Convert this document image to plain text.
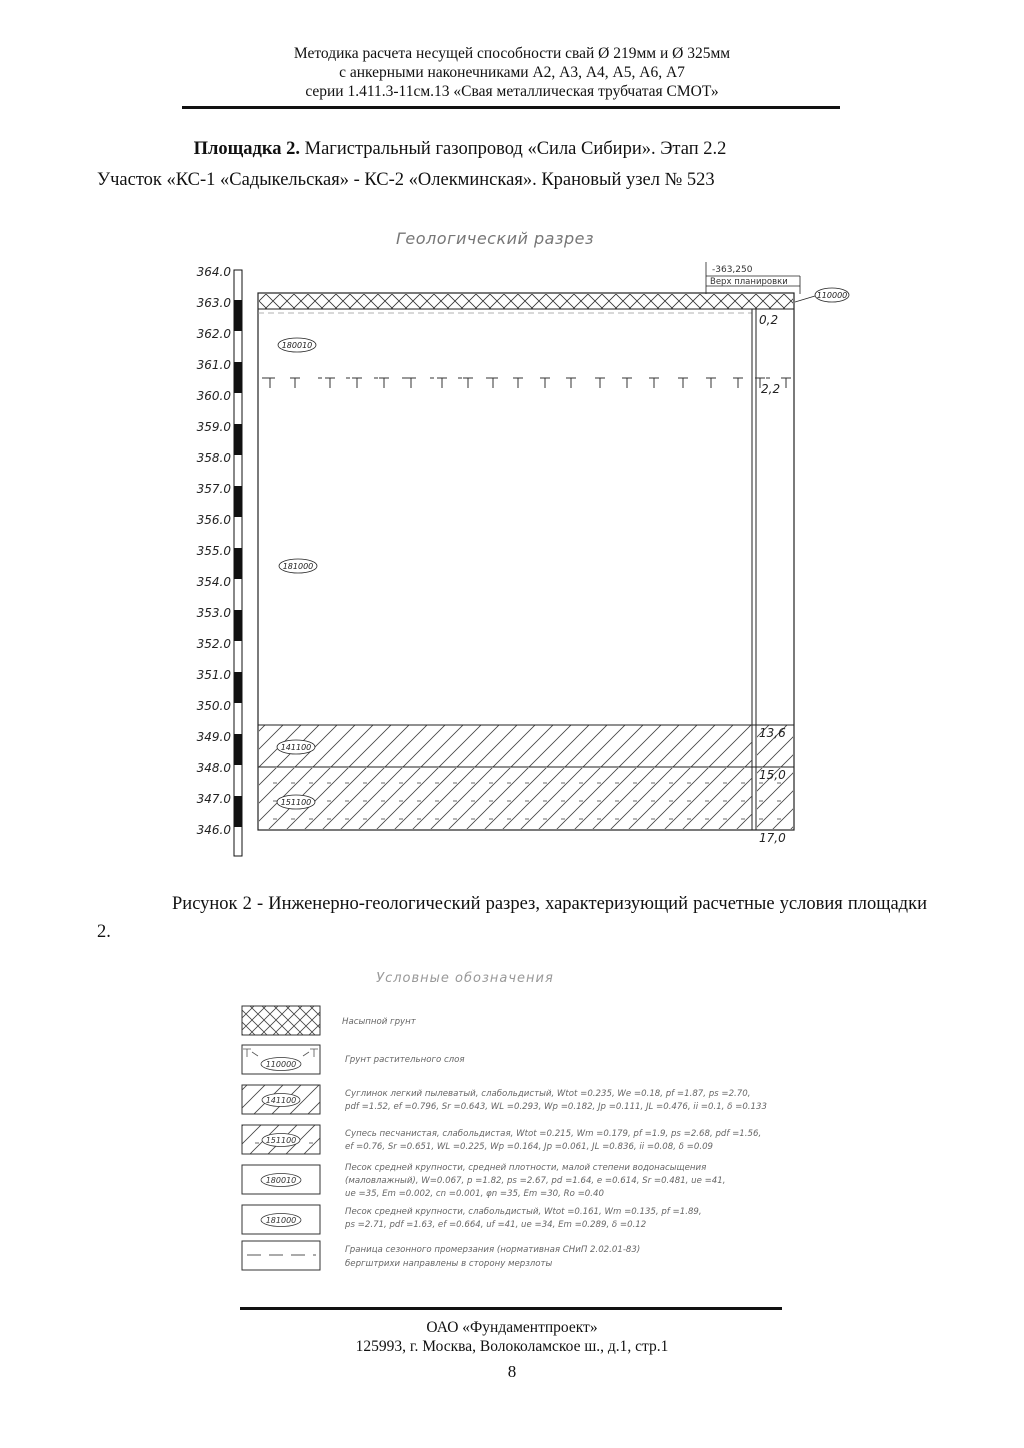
Методика расчета несущей способности свай Ø 219мм и Ø 325мм
с анкерными наконечниками А2, А3, А4, А5, А6, А7
серии 1.411.3-11см.13 «Свая металлическая трубчатая СМОТ»
Площадка 2. Магистральный газопровод «Сила Сибири». Этап 2.2
Участок «КС-1 «Садыкельская» - КС-2 «Олекминская». Крановый узел № 523
Геологический разрез
364.0
363.0
362.0
361.0
360.0
359.0
358.0
357.0
356.0
355.0
354.0
353.0
352.0
351.0
350.0
349.0
348.0
347.0
346.0
-363,250
Верх планировки
0,2
2,2
13,6
15,0
17,0
110000
180010
181000
141100
151100
110000
141100
151100
180010
181000
Насыпной грунт
Грунт растительного слоя
Суглинок легкий пылеватый, слабольдистый, Wtot =0.235, We =0.18, pf =1.87, ps =2.70,
pdf =1.52, ef =0.796, Sr =0.643, WL =0.293, Wp =0.182, Jp =0.111, JL =0.476, ii =0.1, δ =0.133
Супесь песчанистая, слабольдистая, Wtot =0.215, Wm =0.179, pf =1.9, ps =2.68, pdf =1.56,
ef =0.76, Sr =0.651, WL =0.225, Wp =0.164, Jp =0.061, JL =0.836, ii =0.08, δ =0.09
Песок средней крупности, средней плотности, малой степени водонасыщения
(маловлажный), W=0.067, p =1.82, ps =2.67, pd =1.64, e =0.614, Sr =0.481, ue =41,
ue =35, Em =0.002, cn =0.001, φn =35, Em =30, Ro =0.40
Песок средней крупности, слабольдистый, Wtot =0.161, Wm =0.135, pf =1.89,
ps =2.71, pdf =1.63, ef =0.664, uf =41, ue =34, Em =0.289, δ =0.12
Граница сезонного промерзания (нормативная СНиП 2.02.01-83)
бергштрихи направлены в сторону мерзлоты
Рисунок 2 - Инженерно-геологический разрез, характеризующий расчетные условия площадки 2.
Условные обозначения
ОАО «Фундаментпроект»
125993, г. Москва, Волоколамское ш., д.1, стр.1
8
